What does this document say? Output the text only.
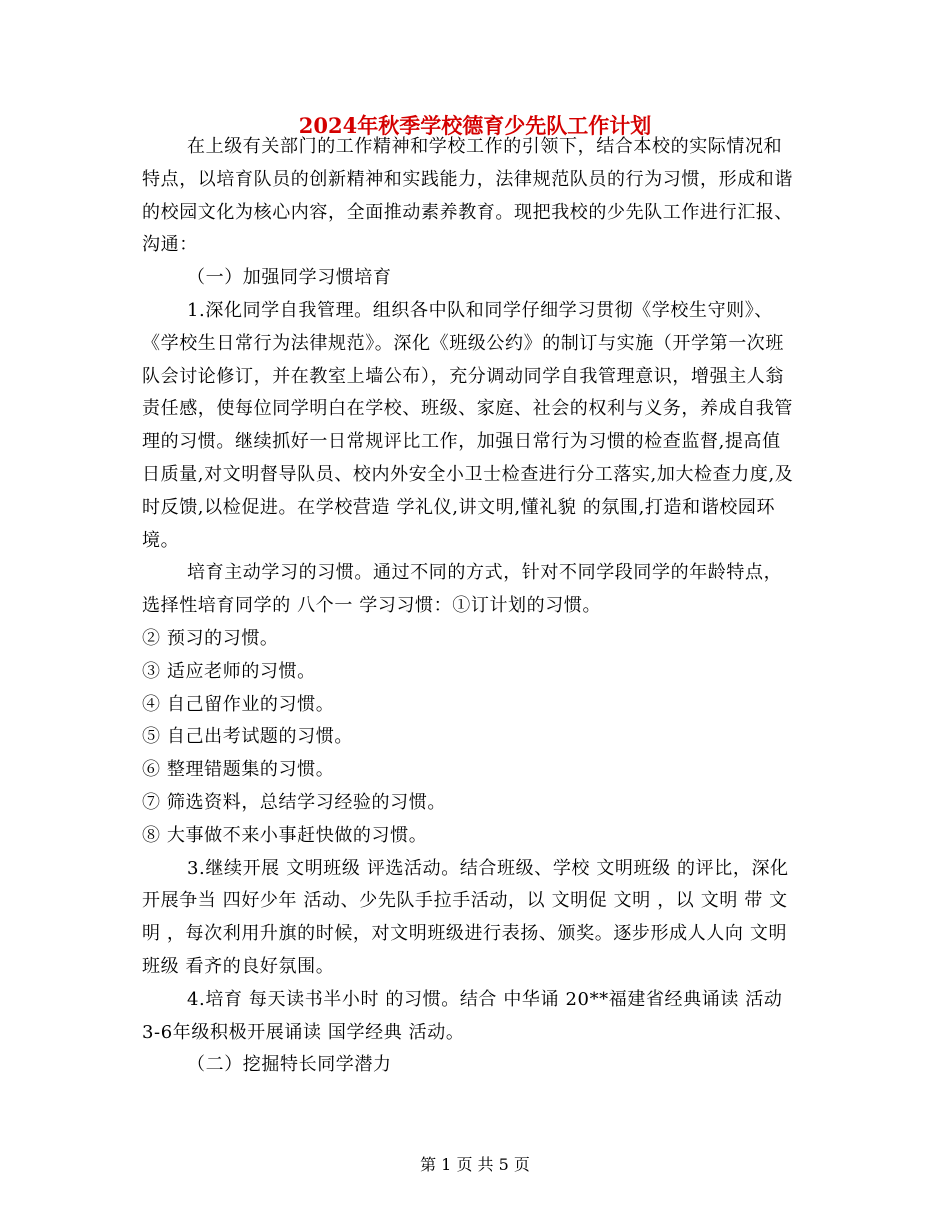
2024年秋季学校德育少先队工作计划

在上级有关部门的工作精神和学校工作的引领下，结合本校的实际情况和特点，以培育队员的创新精神和实践能力，法律规范队员的行为习惯，形成和谐的校园文化为核心内容，全面推动素养教育。现把我校的少先队工作进行汇报、沟通：

（一）加强同学习惯培育

1.深化同学自我管理。组织各中队和同学仔细学习贯彻《学校生守则》、《学校生日常行为法律规范》。深化《班级公约》的制订与实施（开学第一次班队会讨论修订，并在教室上墙公布），充分调动同学自我管理意识，增强主人翁责任感，使每位同学明白在学校、班级、家庭、社会的权利与义务，养成自我管理的习惯。继续抓好一日常规评比工作，加强日常行为习惯的检查监督,提高值日质量,对文明督导队员、校内外安全小卫士检查进行分工落实,加大检查力度,及时反馈,以检促进。在学校营造 学礼仪,讲文明,懂礼貌 的氛围,打造和谐校园环境。

培育主动学习的习惯。通过不同的方式，针对不同学段同学的年龄特点，选择性培育同学的 八个一 学习习惯：①订计划的习惯。

② 预习的习惯。

③ 适应老师的习惯。

④ 自己留作业的习惯。

⑤ 自己出考试题的习惯。

⑥ 整理错题集的习惯。

⑦ 筛选资料，总结学习经验的习惯。

⑧ 大事做不来小事赶快做的习惯。

3.继续开展 文明班级 评选活动。结合班级、学校 文明班级 的评比，深化开展争当 四好少年 活动、少先队手拉手活动，以 文明促 文明 ，以 文明 带 文明 ，每次利用升旗的时候，对文明班级进行表扬、颁奖。逐步形成人人向 文明班级 看齐的良好氛围。

4.培育 每天读书半小时 的习惯。结合 中华诵 20**福建省经典诵读 活动3-6年级积极开展诵读 国学经典 活动。

（二）挖掘特长同学潜力

第 1 页 共 5 页
